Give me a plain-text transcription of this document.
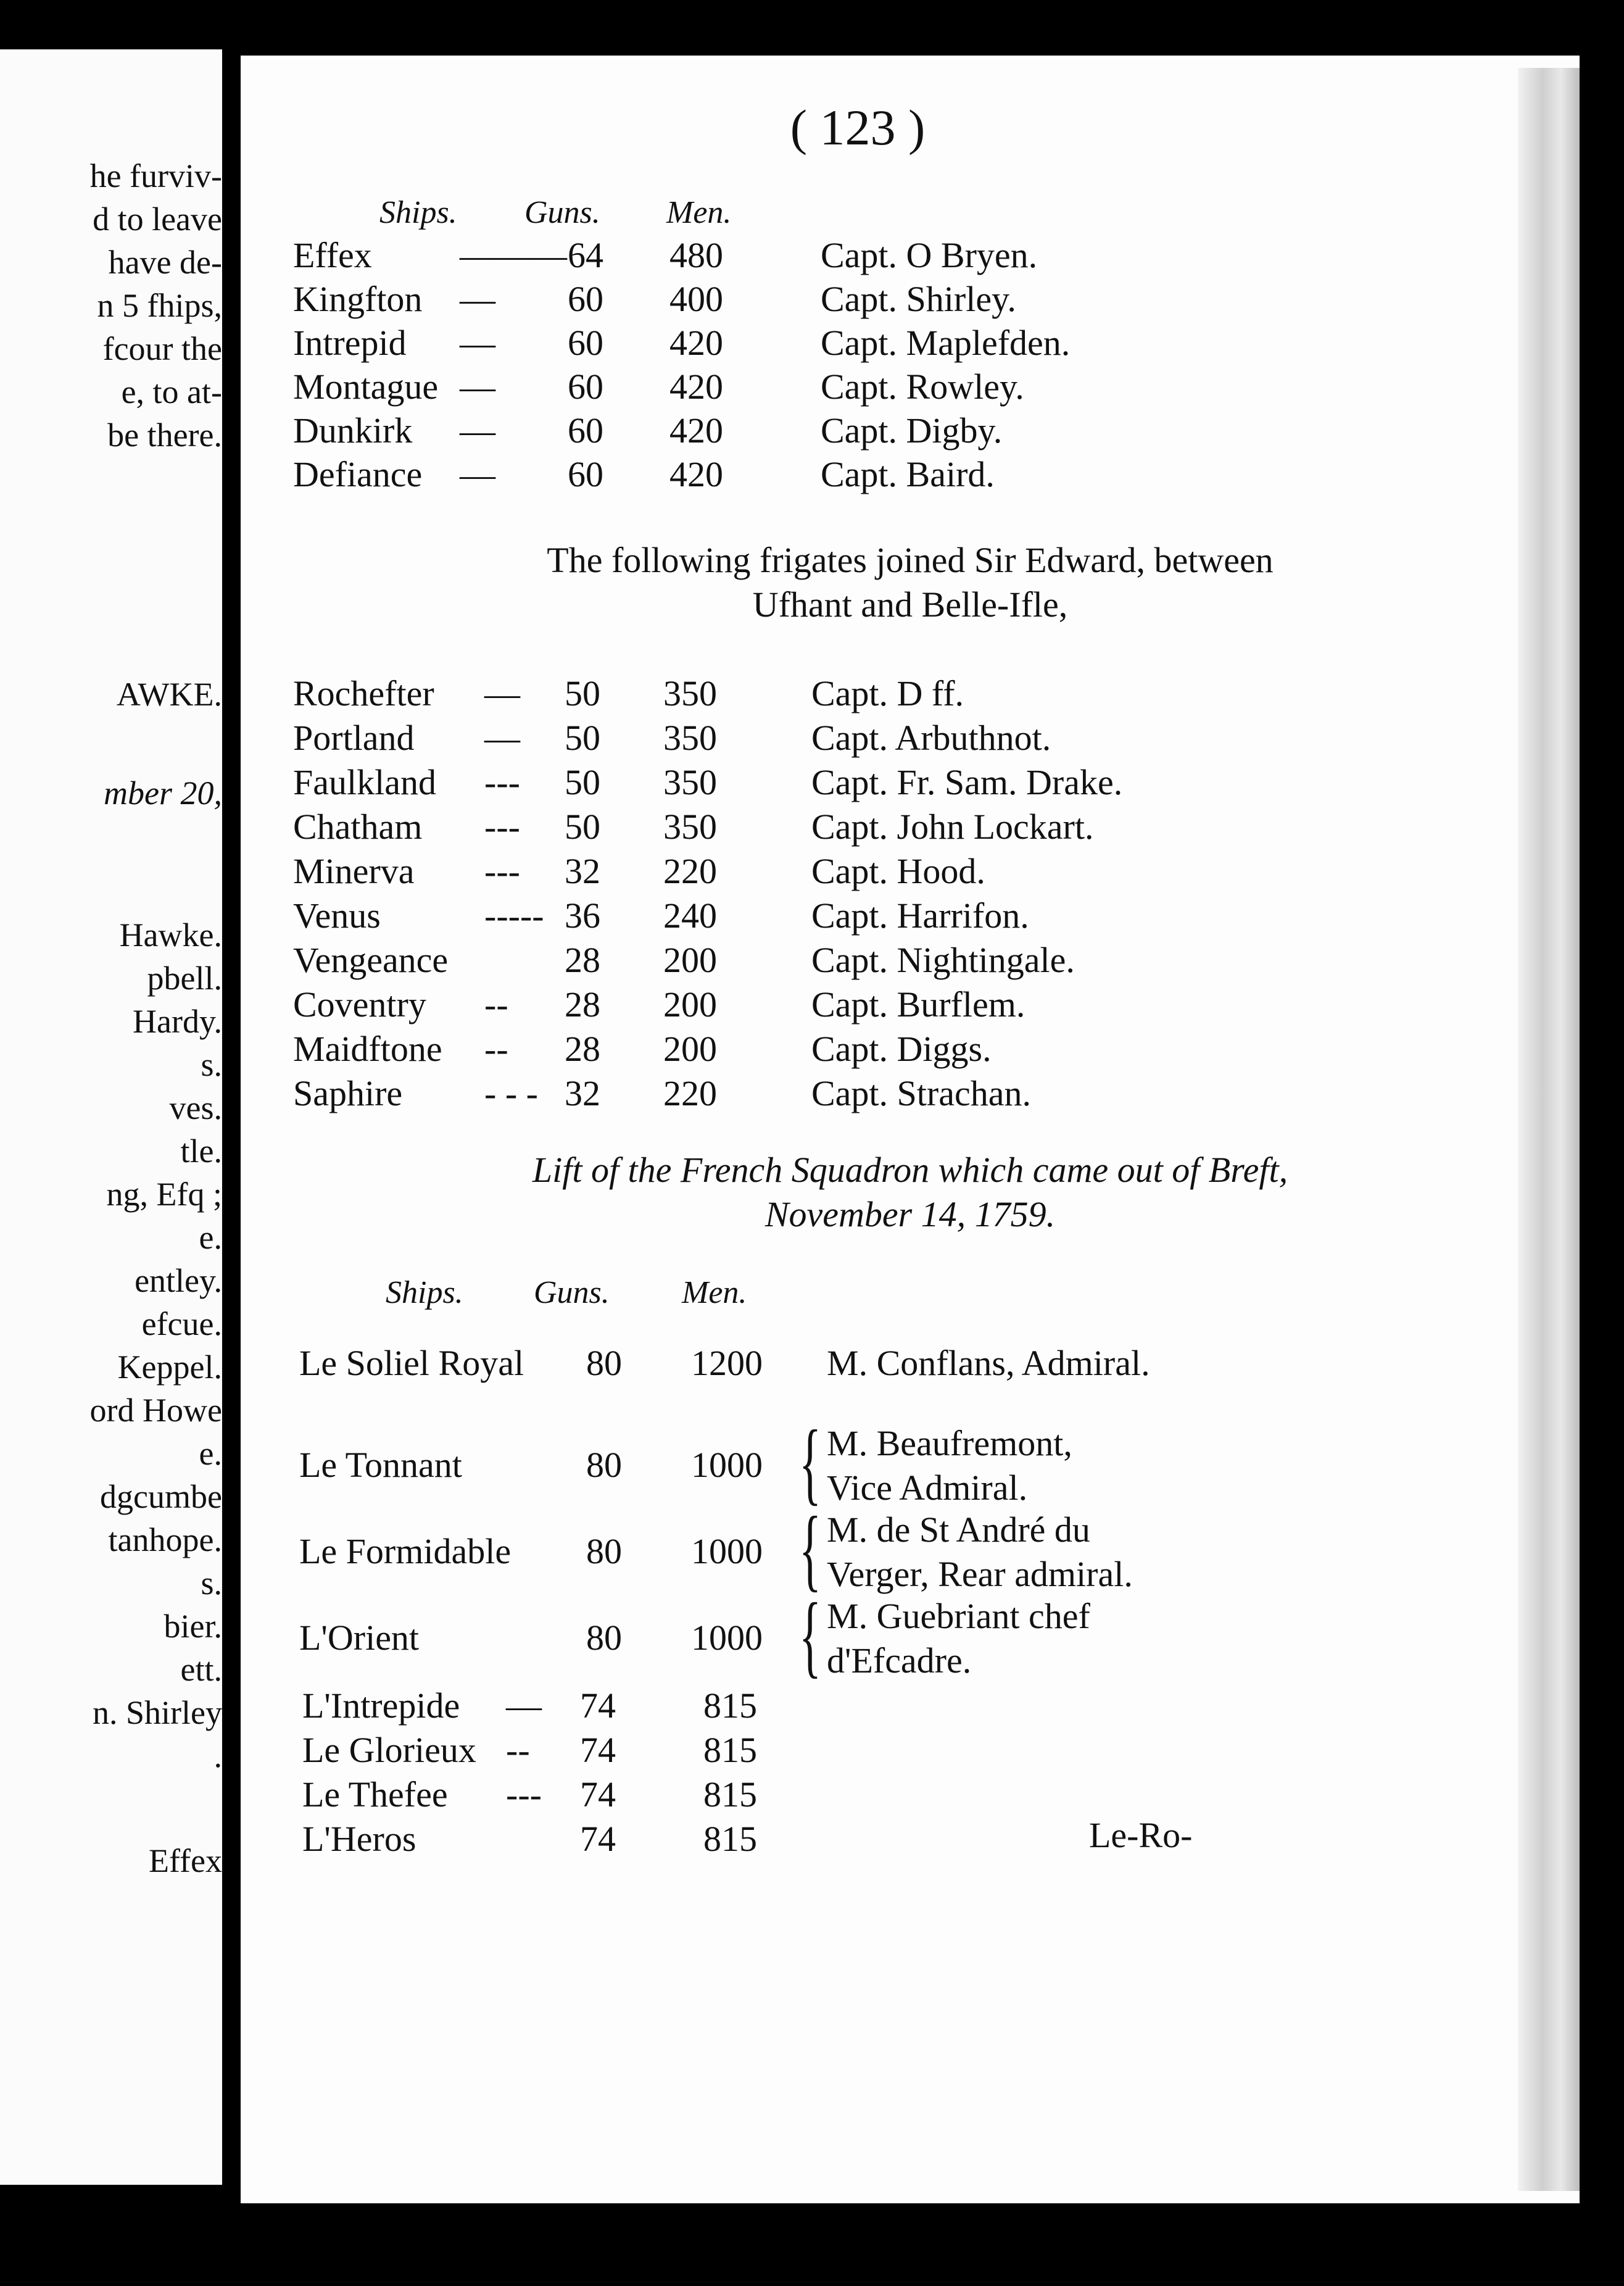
he furviv-
d to leave
have de-
n 5 fhips,
fcour the
e, to at-
be there.
AWKE.
mber 20,
Hawke.
pbell.
Hardy.
s.
ves.
tle.
ng, Efq ;
e.
entley.
efcue.
Keppel.
ord Howe
e.
dgcumbe
tanhope.
s.
bier.
ett.
n. Shirley
.
Effex
( 123 )
Ships. Guns. Men.
Effex ——— 64 480	Capt. O Bryen.
Kingfton — 60 400	Capt. Shirley.
Intrepid — 60 420	Capt. Maplefden.
Montague — 60 420	Capt. Rowley.
Dunkirk — 60 420	Capt. Digby.
Defiance — 60 420	Capt. Baird.
The following frigates joined Sir Edward, between
Ufhant and Belle-Ifle,
Rochefter — 50 350	Capt. D ff.
Portland — 50 350	Capt. Arbuthnot.
Faulkland --- 50 350	Capt. Fr. Sam. Drake.
Chatham --- 50 350	Capt. John Lockart.
Minerva --- 32 220	Capt. Hood.
Venus	----- 36 240	Capt. Harrifon.
Vengeance	28 200	Capt. Nightingale.
Coventry -- 28 200	Capt. Burflem.
Maidftone -- 28 200	Capt. Diggs.
Saphire - - - 32 220	Capt. Strachan.
Lift of the French Squadron which came out of Breft,
November 14, 1759.
Ships. Guns. Men.
Le Soliel Royal 80 1200 M. Conflans, Admiral.
Le Tonnant	80 1000 { M. Beaufremont,
Vice Admiral.
Le Formidable 80 1000 { M. de St André du
Verger, Rear admiral.
L'Orient	80 1000 { M. Guebriant chef
d'Efcadre.
L'Intrepide — 74 815
Le Glorieux -- 74 815
Le Thefee --- 74 815
L'Heros	74 815	Le-Ro-
